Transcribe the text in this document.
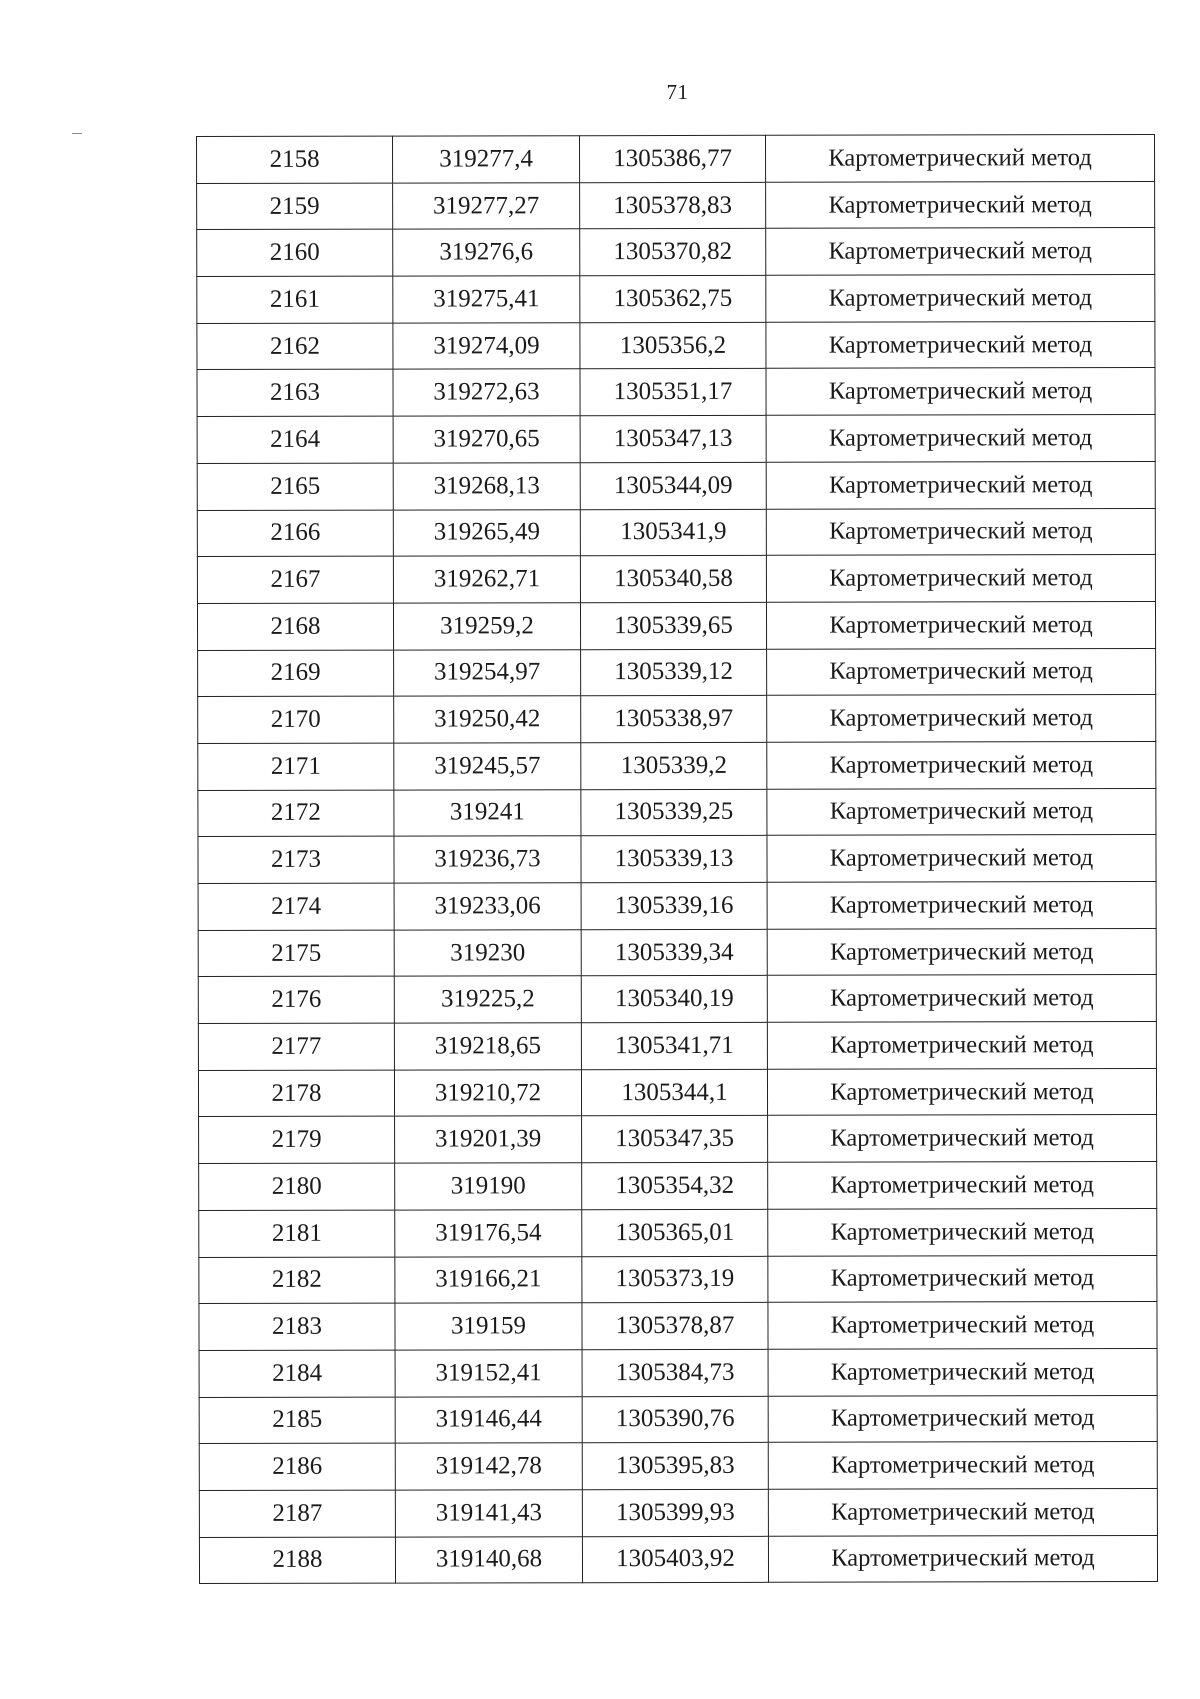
71
2158	319277,4	1305386,77	Картометрический метод
2159	319277,27	1305378,83	Картометрический метод
2160	319276,6	1305370,82	Картометрический метод
2161	319275,41	1305362,75	Картометрический метод
2162	319274,09	1305356,2	Картометрический метод
2163	319272,63	1305351,17	Картометрический метод
2164	319270,65	1305347,13	Картометрический метод
2165	319268,13	1305344,09	Картометрический метод
2166	319265,49	1305341,9	Картометрический метод
2167	319262,71	1305340,58	Картометрический метод
2168	319259,2	1305339,65	Картометрический метод
2169	319254,97	1305339,12	Картометрический метод
2170	319250,42	1305338,97	Картометрический метод
2171	319245,57	1305339,2	Картометрический метод
2172	319241	1305339,25	Картометрический метод
2173	319236,73	1305339,13	Картометрический метод
2174	319233,06	1305339,16	Картометрический метод
2175	319230	1305339,34	Картометрический метод
2176	319225,2	1305340,19	Картометрический метод
2177	319218,65	1305341,71	Картометрический метод
2178	319210,72	1305344,1	Картометрический метод
2179	319201,39	1305347,35	Картометрический метод
2180	319190	1305354,32	Картометрический метод
2181	319176,54	1305365,01	Картометрический метод
2182	319166,21	1305373,19	Картометрический метод
2183	319159	1305378,87	Картометрический метод
2184	319152,41	1305384,73	Картометрический метод
2185	319146,44	1305390,76	Картометрический метод
2186	319142,78	1305395,83	Картометрический метод
2187	319141,43	1305399,93	Картометрический метод
2188	319140,68	1305403,92	Картометрический метод
